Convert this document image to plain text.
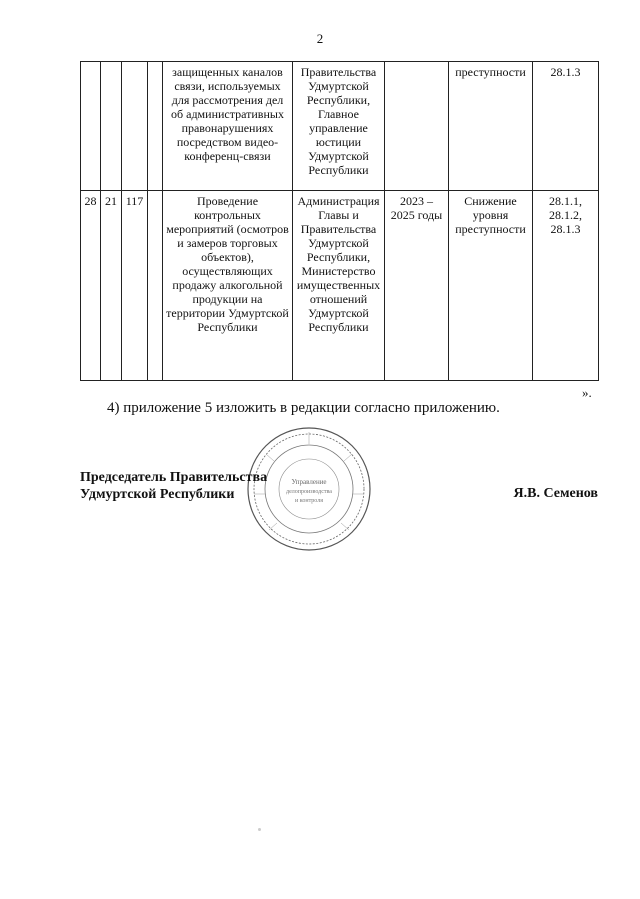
2
				защищенных каналов связи, используемых для рассмотрения дел об административных правонарушениях посредством видео-конференц-связи	Правительства Удмуртской Республики, Главное управление юстиции Удмуртской Республики		преступности	28.1.3
28	21	117		Проведение контрольных мероприятий (осмотров и замеров торговых объектов), осуществляющих продажу алкогольной продукции на территории Удмуртской Республики	Администрация Главы и Правительства Удмуртской Республики, Министерство имущественных отношений Удмуртской Республики	2023 – 2025 годы	Снижение уровня преступности	28.1.1, 28.1.2, 28.1.3
».
4) приложение 5 изложить в редакции согласно приложению.
Управление
делопроизводства
и контроля
Председатель Правительства
Удмуртской Республики	Я.В. Семенов
